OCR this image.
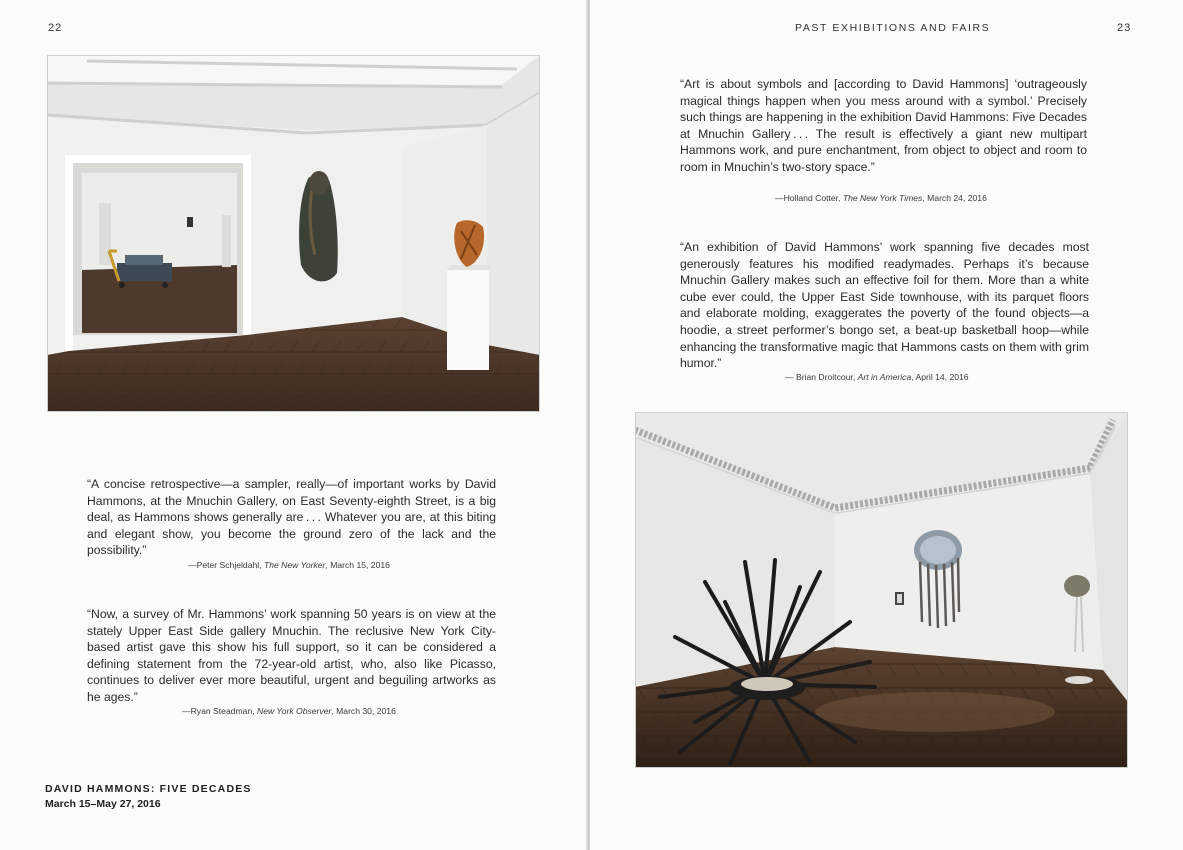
22	23
PAST EXHIBITIONS AND FAIRS
“A concise retrospective—a sampler, really—of important works by David Hammons, at the Mnuchin Gallery, on East Seventy-eighth Street, is a big deal, as Hammons shows generally are . . . Whatever you are, at this biting and elegant show, you become the ground zero of the lack and the possibility.”
—Peter Schjeldahl, The New Yorker, March 15, 2016
“Now, a survey of Mr. Hammons’ work spanning 50 years is on view at the stately Upper East Side gallery Mnuchin. The reclusive New York City-based artist gave this show his full support, so it can be considered a defining statement from the 72-year-old artist, who, also like Picasso, continues to deliver ever more beautiful, urgent and beguiling artworks as he ages.”
—Ryan Steadman, New York Observer, March 30, 2016
DAVID HAMMONS: FIVE DECADES
March 15–May 27, 2016
“Art is about symbols and [according to David Hammons] ‘outrageously magical things happen when you mess around with a symbol.’ Precisely such things are happening in the exhibition David Hammons: Five Decades at Mnuchin Gallery . . . The result is effectively a giant new multipart Hammons work, and pure enchantment, from object to object and room to room in Mnuchin’s two-story space.”
—Holland Cotter, The New York Times, March 24, 2016
“An exhibition of David Hammons’ work spanning five decades most generously features his modified readymades. Perhaps it’s because Mnuchin Gallery makes such an effective foil for them. More than a white cube ever could, the Upper East Side townhouse, with its parquet floors and elaborate molding, exaggerates the poverty of the found objects—a hoodie, a street performer’s bongo set, a beat-up basketball hoop—while enhancing the transformative magic that Hammons casts on them with grim humor.”
— Brian Droitcour, Art in America, April 14, 2016
